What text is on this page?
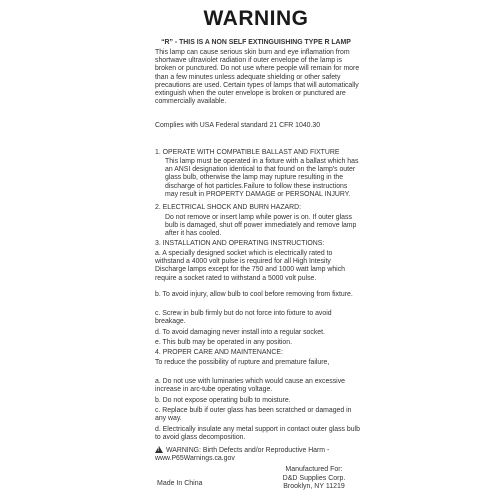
WARNING
“R” - THIS IS A NON SELF EXTINGUISHING TYPE R LAMP
This lamp can cause serious skin burn and eye inflamation from shortwave ultraviolet radiation if outer envelope of the lamp is broken or punctured. Do not use where people will remain for more than a few minutes unless adequate shielding or other safety precautions are used. Certain types of lamps that will automatically extinguish when the outer envelope is broken or punctured are commercially available.
Complies with USA Federal standard 21 CFR 1040.30
1. OPERATE WITH COMPATIBLE BALLAST AND FIXTURE
This lamp must be operated in a fixture with a ballast which has an ANSI designation identical to that found on the lamp's outer glass bulb, otherwise the lamp may rupture resulting in the discharge of hot particles.Failure to follow these instructions may result in PROPERTY DAMAGE or PERSONAL INJURY.
2. ELECTRICAL SHOCK AND BURN HAZARD:
Do not remove or insert lamp while power is on. If outer glass bulb is damaged, shut off power immediately and remove lamp after it has cooled.
3. INSTALLATION AND OPERATING INSTRUCTIONS:
a. A specially designed socket which is electrically rated to withstand a 4000 volt pulse is required for all High Intesity Discharge lamps except for the 750 and 1000 watt lamp which require a socket rated to withstand a 5000 volt pulse.
b. To avoid injury, allow bulb to cool before removing from fixture.
c. Screw in bulb firmly but do not force into fixture to avoid breakage.
d. To avoid damaging never install into a regular socket.
e. This bulb may be operated in any position.
4. PROPER CARE AND MAINTENANCE:
To reduce the possibility of rupture and premature failure,
a. Do not use with luminaries which would cause an excessive increase in arc-tube operating voltage.
b. Do not expose operating bulb to moisture.
c. Replace bulb if outer glass has been scratched or damaged in any way.
d. Electrically insulate any metal support in contact outer glass bulb to avoid glass decomposition.
!WARNING: Birth Defects and/or Reproductive Harm - www.P65Warnings.ca.gov
Made In China
Manufactured For:
D&D Supplies Corp.
Brooklyn, NY 11219
